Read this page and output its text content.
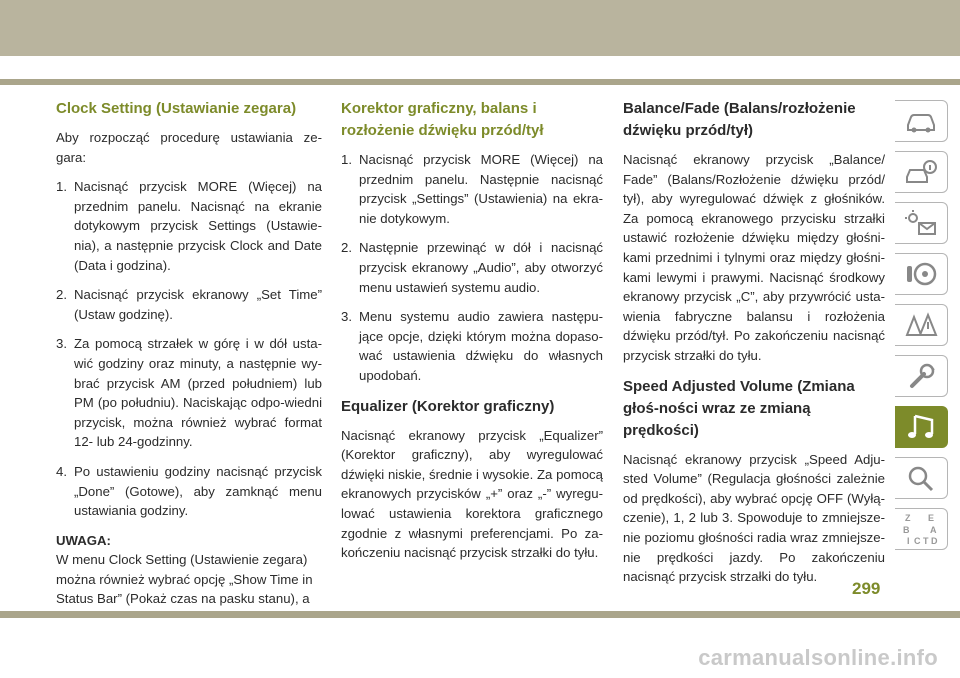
Clock Setting (Ustawianie zegara)

Aby rozpocząć procedurę ustawiania ze-gara:

1. Nacisnąć przycisk MORE (Więcej) na przednim panelu. Nacisnąć na ekranie dotykowym przycisk Settings (Ustawie-nia), a następnie przycisk Clock and Date (Data i godzina).
2. Nacisnąć przycisk ekranowy „Set Time” (Ustaw godzinę).
3. Za pomocą strzałek w górę i w dół usta-wić godziny oraz minuty, a następnie wy-brać przycisk AM (przed południem) lub PM (po południu). Naciskając odpo-wiedni przycisk, można również wybrać format 12- lub 24-godzinny.
4. Po ustawieniu godziny nacisnąć przycisk „Done” (Gotowe), aby zamknąć menu ustawiania godziny.

UWAGA:

W menu Clock Setting (Ustawienie zegara) można również wybrać opcję „Show Time in Status Bar” (Pokaż czas na pasku stanu), a

Korektor graficzny, balans i rozłożenie dźwięku przód/tył
1. Nacisnąć przycisk MORE (Więcej) na przednim panelu. Następnie nacisnąć przycisk „Settings” (Ustawienia) na ekra-nie dotykowym.
2. Następnie przewinąć w dół i nacisnąć przycisk ekranowy „Audio”, aby otworzyć menu ustawień systemu audio.
3. Menu systemu audio zawiera następu-jące opcje, dzięki którym można dopaso-wać ustawienia dźwięku do własnych upodobań.
Equalizer (Korektor graficzny)

Nacisnąć ekranowy przycisk „Equalizer” (Korektor graficzny), aby wyregulować dźwięki niskie, średnie i wysokie. Za pomocą ekranowych przycisków „+” oraz „-” wyregu-lować ustawienia korektora graficznego zgodnie z własnymi preferencjami. Po za-kończeniu nacisnąć przycisk strzałki do tyłu.

Balance/Fade (Balans/rozłożenie dźwięku przód/tył)

Nacisnąć ekranowy przycisk „Balance/ Fade” (Balans/Rozłożenie dźwięku przód/ tył), aby wyregulować dźwięk z głośników. Za pomocą ekranowego przycisku strzałki ustawić rozłożenie dźwięku między głośni-kami przednimi i tylnymi oraz między głośni-kami lewymi i prawymi. Nacisnąć środkowy ekranowy przycisk „C”, aby przywrócić usta-wienia fabryczne balansu i rozłożenia dźwięku przód/tył. Po zakończeniu nacisnąć przycisk strzałki do tyłu.

Speed Adjusted Volume (Zmiana głoś-ności wraz ze zmianą prędkości)

Nacisnąć ekranowy przycisk „Speed Adju-sted Volume” (Regulacja głośności zależnie od prędkości), aby wybrać opcję OFF (Wyłą-czenie), 1, 2 lub 3. Spowoduje to zmniejsze-nie poziomu głośności radia wraz zmniejsze-nie prędkości jazdy. Po zakończeniu nacisnąć przycisk strzałki do tyłu.

Z E
B A
I C T D
299
carmanualsonline.info
